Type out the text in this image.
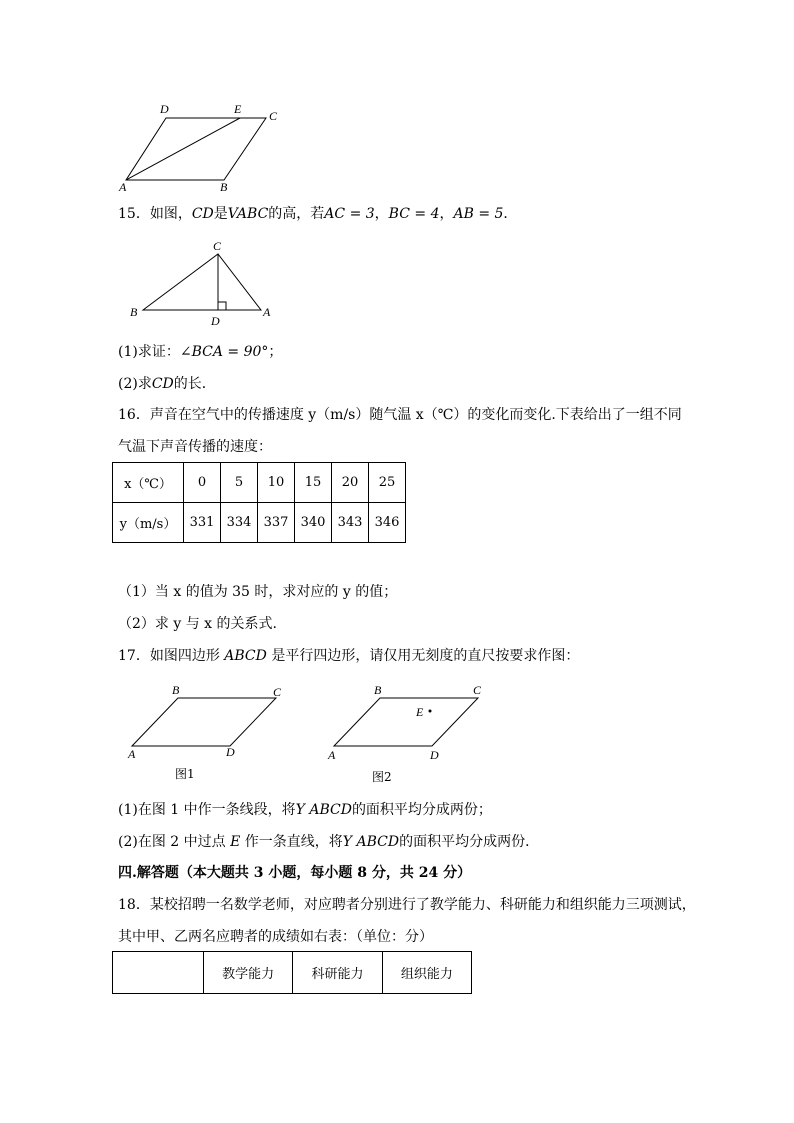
D	E C
A	B
15．如图，CD是VABC的高，若AC = 3，BC = 4，AB = 5．
C
B
D
A
(1)求证：∠BCA = 90°；
(2)求CD的长．
16．声音在空气中的传播速度 y（m/s）随气温 x（℃）的变化而变化.下表给出了一组不同
气温下声音传播的速度：
x（℃）	0	5	10	15	20	25
y（m/s）	331	334	337	340	343	346
（1）当 x 的值为 35 时，求对应的 y 的值；
（2）求 y 与 x 的关系式.
17．如图四边形 ABCD 是平行四边形，请仅用无刻度的直尺按要求作图：
B	C
A	D
图1
B	C
E
A	D
图2
(1)在图 1 中作一条线段，将Y ABCD的面积平均分成两份；
(2)在图 2 中过点 E 作一条直线，将Y ABCD的面积平均分成两份．
四.解答题（本大题共 3 小题，每小题 8 分，共 24 分）
18．某校招聘一名数学老师，对应聘者分别进行了教学能力、科研能力和组织能力三项测试，
其中甲、乙两名应聘者的成绩如右表：（单位：分）
	教学能力	科研能力	组织能力
